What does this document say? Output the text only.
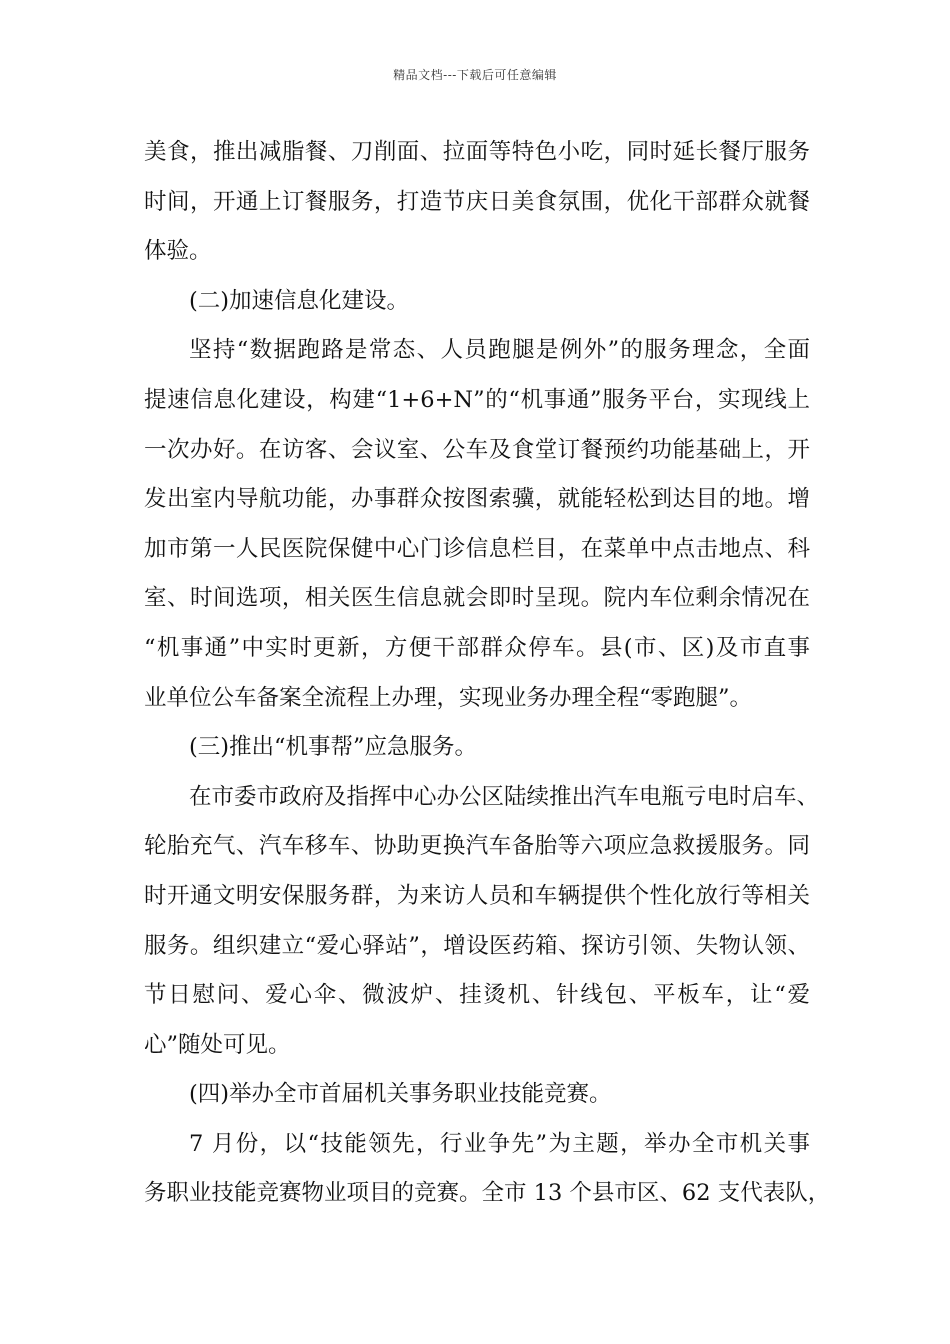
精品文档---下载后可任意编辑
美食，推出减脂餐、刀削面、拉面等特色小吃，同时延长餐厅服务
时间，开通上订餐服务，打造节庆日美食氛围，优化干部群众就餐
体验。
(二)加速信息化建设。
坚持“数据跑路是常态、人员跑腿是例外”的服务理念，全面
提速信息化建设，构建“1+6+N”的“机事通”服务平台，实现线上
一次办好。在访客、会议室、公车及食堂订餐预约功能基础上，开
发出室内导航功能，办事群众按图索骥，就能轻松到达目的地。增
加市第一人民医院保健中心门诊信息栏目，在菜单中点击地点、科
室、时间选项，相关医生信息就会即时呈现。院内车位剩余情况在
“机事通”中实时更新，方便干部群众停车。县(市、区)及市直事
业单位公车备案全流程上办理，实现业务办理全程“零跑腿”。
(三)推出“机事帮”应急服务。
在市委市政府及指挥中心办公区陆续推出汽车电瓶亏电时启车、
轮胎充气、汽车移车、协助更换汽车备胎等六项应急救援服务。同
时开通文明安保服务群，为来访人员和车辆提供个性化放行等相关
服务。组织建立“爱心驿站”，增设医药箱、探访引领、失物认领、
节日慰问、爱心伞、微波炉、挂烫机、针线包、平板车，让“爱
心”随处可见。
(四)举办全市首届机关事务职业技能竞赛。
7 月份，以“技能领先，行业争先”为主题，举办全市机关事
务职业技能竞赛物业项目的竞赛。全市 13 个县市区、62 支代表队，
